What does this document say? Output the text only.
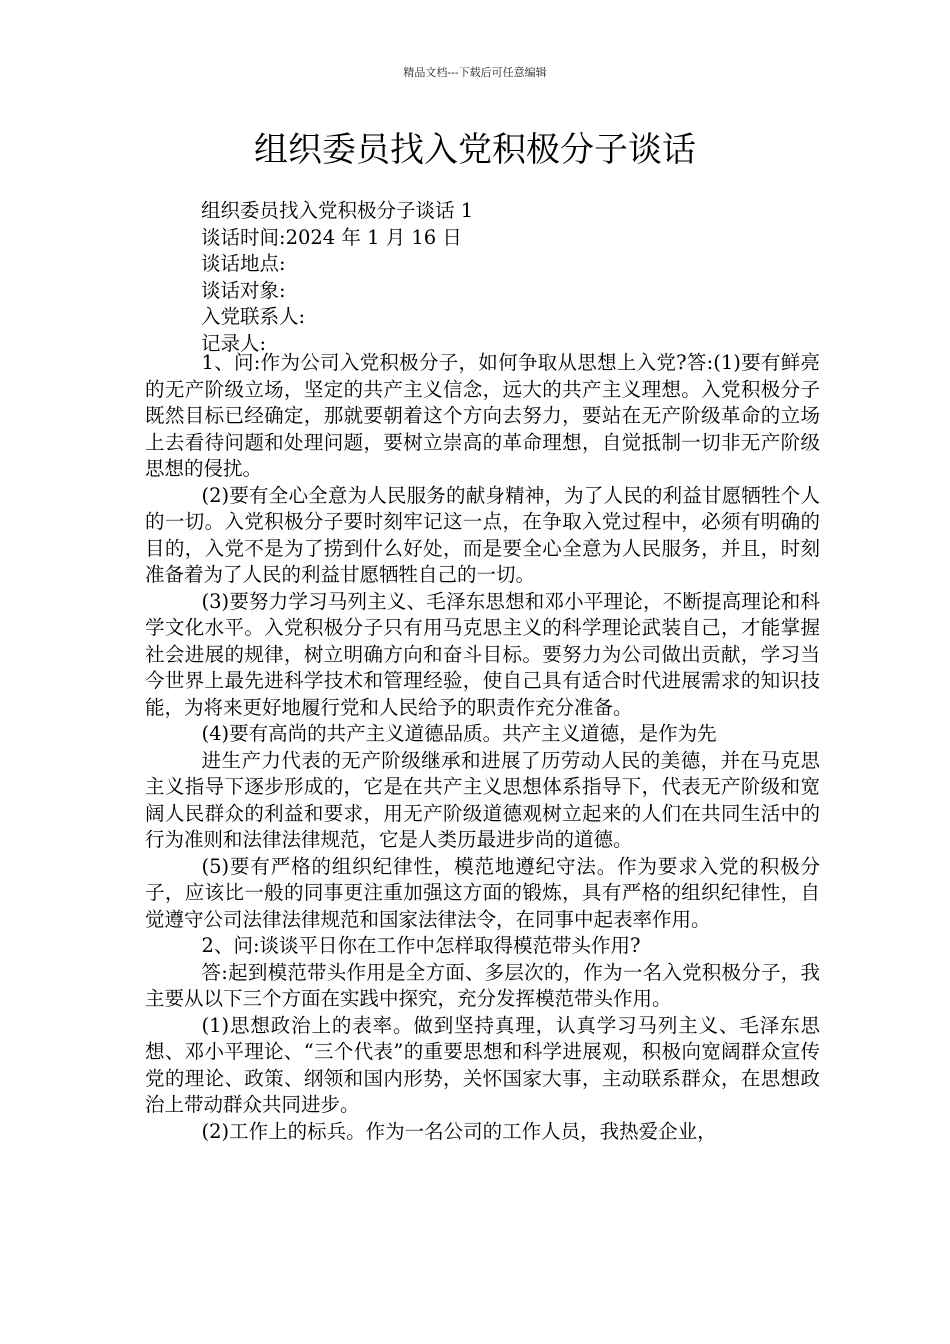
精品文档---下载后可任意编辑
组织委员找入党积极分子谈话
组织委员找入党积极分子谈话 1
谈话时间:2024 年 1 月 16 日
谈话地点:
谈话对象:
入党联系人:
记录人:

1、问:作为公司入党积极分子，如何争取从思想上入党?答:(1)要有鲜亮的无产阶级立场，坚定的共产主义信念，远大的共产主义理想。入党积极分子既然目标已经确定，那就要朝着这个方向去努力，要站在无产阶级革命的立场上去看待问题和处理问题，要树立崇高的革命理想，自觉抵制一切非无产阶级思想的侵扰。

(2)要有全心全意为人民服务的献身精神，为了人民的利益甘愿牺牲个人的一切。入党积极分子要时刻牢记这一点，在争取入党过程中，必须有明确的目的，入党不是为了捞到什么好处，而是要全心全意为人民服务，并且，时刻准备着为了人民的利益甘愿牺牲自己的一切。

(3)要努力学习马列主义、毛泽东思想和邓小平理论，不断提高理论和科学文化水平。入党积极分子只有用马克思主义的科学理论武装自己，才能掌握社会进展的规律，树立明确方向和奋斗目标。要努力为公司做出贡献，学习当今世界上最先进科学技术和管理经验，使自己具有适合时代进展需求的知识技能，为将来更好地履行党和人民给予的职责作充分准备。

(4)要有高尚的共产主义道德品质。共产主义道德，是作为先

进生产力代表的无产阶级继承和进展了历劳动人民的美德，并在马克思主义指导下逐步形成的，它是在共产主义思想体系指导下，代表无产阶级和宽阔人民群众的利益和要求，用无产阶级道德观树立起来的人们在共同生活中的行为准则和法律法律规范，它是人类历最进步尚的道德。

(5)要有严格的组织纪律性，模范地遵纪守法。作为要求入党的积极分子，应该比一般的同事更注重加强这方面的锻炼，具有严格的组织纪律性，自觉遵守公司法律法律规范和国家法律法令，在同事中起表率作用。

2、问:谈谈平日你在工作中怎样取得模范带头作用?

答:起到模范带头作用是全方面、多层次的，作为一名入党积极分子，我主要从以下三个方面在实践中探究，充分发挥模范带头作用。

(1)思想政治上的表率。做到坚持真理，认真学习马列主义、毛泽东思想、邓小平理论、“三个代表”的重要思想和科学进展观，积极向宽阔群众宣传党的理论、政策、纲领和国内形势，关怀国家大事，主动联系群众，在思想政治上带动群众共同进步。

(2)工作上的标兵。作为一名公司的工作人员，我热爱企业，
